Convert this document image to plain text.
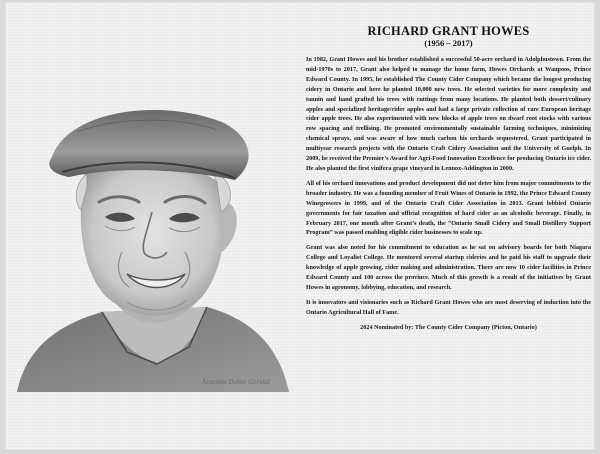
Amanda Dalee Gorskil
RICHARD GRANT HOWES
(1956 – 2017)

In 1982, Grant Howes and his brother established a successful 50-acre orchard in Adolphustown. From the mid-1970s to 2017, Grant also helped to manage the home farm, Howes Orchards at Waupoos, Prince Edward County. In 1995, he established The County Cider Company which became the longest producing cidery in Ontario and here he planted 10,000 new trees. He selected varieties for more complexity and tannin and hand grafted his trees with cuttings from many locations. He planted both dessert/culinary apples and specialized heritage/cider apples and had a large private collection of rare European heritage cider apple trees. He also experimented with new blocks of apple trees on dwarf root stocks with various row spacing and trellising. He promoted environmentally sustainable farming techniques, minimizing chemical sprays, and was aware of how much carbon his orchards sequestered. Grant participated in multiyear research projects with the Ontario Craft Cidery Association and the University of Guelph. In 2009, he received the Premier’s Award for Agri-Food Innovation Excellence for producing Ontario ice cider. He also planted the first vinifera grape vineyard in Lennox-Addington in 2000.

All of his orchard innovations and product development did not deter him from major commitments to the broader industry. He was a founding member of Fruit Wines of Ontario in 1992, the Prince Edward County Winegrowers in 1999, and of the Ontario Craft Cider Association in 2013. Grant lobbied Ontario governments for fair taxation and official recognition of hard cider as an alcoholic beverage. Finally, in February 2017, one month after Grant’s death, the “Ontario Small Cidery and Small Distillery Support Program” was passed enabling eligible cider businesses to scale up.

Grant was also noted for his commitment to education as he sat on advisory boards for both Niagara College and Loyalist College. He mentored several startup cideries and he paid his staff to upgrade their knowledge of apple growing, cider making and administration. There are now 10 cider facilities in Prince Edward County and 100 across the province. Much of this growth is a result of the initiatives by Grant Howes in agronomy, lobbying, education, and research.

It is innovators and visionaries such as Richard Grant Howes who are most deserving of induction into the Ontario Agricultural Hall of Fame.

2024 Nominated by: The County Cider Company (Picton, Ontario)
